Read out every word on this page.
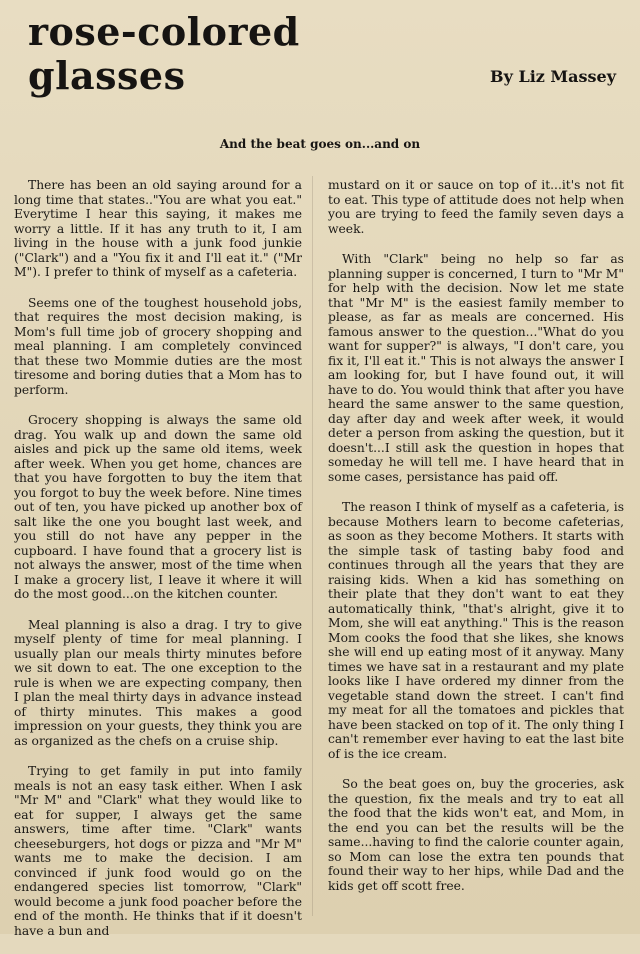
rose-colored
glasses	By Liz Massey
And the beat goes on...and on

There has been an old saying around for a long time that states.."You are what you eat." Everytime I hear this saying, it makes me worry a little. If it has any truth to it, I am living in the house with a junk food junkie ("Clark") and a "You fix it and I'll eat it." ("Mr M"). I prefer to think of myself as a cafeteria.

Seems one of the toughest household jobs, that requires the most decision making, is Mom's full time job of grocery shopping and meal planning. I am completely convinced that these two Mommie duties are the most tiresome and boring duties that a Mom has to perform.

Grocery shopping is always the same old drag. You walk up and down the same old aisles and pick up the same old items, week after week. When you get home, chances are that you have forgotten to buy the item that you forgot to buy the week before. Nine times out of ten, you have picked up another box of salt like the one you bought last week, and you still do not have any pepper in the cupboard. I have found that a grocery list is not always the answer, most of the time when I make a grocery list, I leave it where it will do the most good...on the kitchen counter.

Meal planning is also a drag. I try to give myself plenty of time for meal planning. I usually plan our meals thirty minutes before we sit down to eat. The one exception to the rule is when we are expecting company, then I plan the meal thirty days in advance instead of thirty minutes. This makes a good impression on your guests, they think you are as organized as the chefs on a cruise ship.

Trying to get family in put into family meals is not an easy task either. When I ask "Mr M" and "Clark" what they would like to eat for supper, I always get the same answers, time after time. "Clark" wants cheeseburgers, hot dogs or pizza and "Mr M" wants me to make the decision. I am convinced if junk food would go on the endangered species list tomorrow, "Clark" would become a junk food poacher before the end of the month. He thinks that if it doesn't have a bun and

mustard on it or sauce on top of it...it's not fit to eat. This type of attitude does not help when you are trying to feed the family seven days a week.

With "Clark" being no help so far as planning supper is concerned, I turn to "Mr M" for help with the decision. Now let me state that "Mr M" is the easiest family member to please, as far as meals are concerned. His famous answer to the question..."What do you want for supper?" is always, "I don't care, you fix it, I'll eat it." This is not always the answer I am looking for, but I have found out, it will have to do. You would think that after you have heard the same answer to the same question, day after day and week after week, it would deter a person from asking the question, but it doesn't...I still ask the question in hopes that someday he will tell me. I have heard that in some cases, persistance has paid off.

The reason I think of myself as a cafeteria, is because Mothers learn to become cafeterias, as soon as they become Mothers. It starts with the simple task of tasting baby food and continues through all the years that they are raising kids. When a kid has something on their plate that they don't want to eat they automatically think, "that's alright, give it to Mom, she will eat anything." This is the reason Mom cooks the food that she likes, she knows she will end up eating most of it anyway. Many times we have sat in a restaurant and my plate looks like I have ordered my dinner from the vegetable stand down the street. I can't find my meat for all the tomatoes and pickles that have been stacked on top of it. The only thing I can't remember ever having to eat the last bite of is the ice cream.

So the beat goes on, buy the groceries, ask the question, fix the meals and try to eat all the food that the kids won't eat, and Mom, in the end you can bet the results will be the same...having to find the calorie counter again, so Mom can lose the extra ten pounds that found their way to her hips, while Dad and the kids get off scott free.
